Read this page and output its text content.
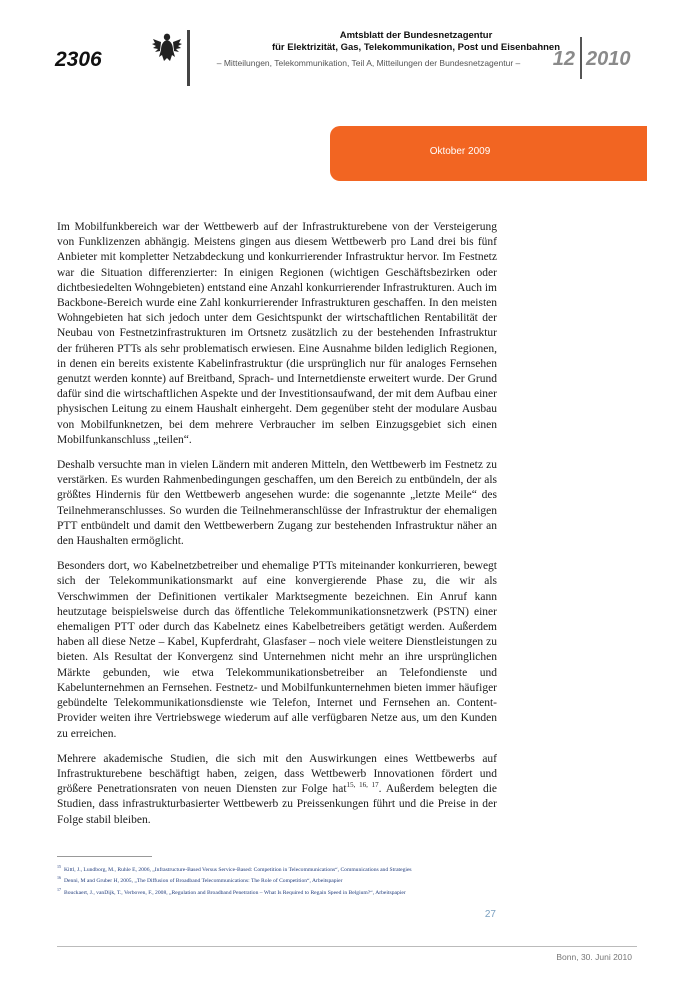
2306
Amtsblatt der Bundesnetzagentur
für Elektrizität, Gas, Telekommunikation, Post und Eisenbahnen
– Mitteilungen, Telekommunikation, Teil A, Mitteilungen der Bundesnetzagentur –	12 2010
Oktober 2009

Im Mobilfunkbereich war der Wettbewerb auf der Infrastrukturebene von der Versteigerung von Funklizenzen abhängig. Meistens gingen aus diesem Wettbewerb pro Land drei bis fünf Anbieter mit kompletter Netzabdeckung und konkurrierender Infrastruktur hervor. Im Festnetz war die Situation differenzierter: In einigen Regionen (wichtigen Geschäftsbezirken oder dichtbesiedelten Wohngebieten) entstand eine Anzahl konkurrierender Infrastrukturen. Auch im Backbone-Bereich wurde eine Zahl konkurrierender Infrastrukturen geschaffen. In den meisten Wohngebieten hat sich jedoch unter dem Gesichtspunkt der wirtschaftlichen Rentabilität der Neubau von Festnetzinfrastrukturen im Ortsnetz zusätzlich zu der bestehenden Infrastruktur der früheren PTTs als sehr problematisch erwiesen. Eine Ausnahme bilden lediglich Regionen, in denen ein bereits existente Kabelinfrastruktur (die ursprünglich nur für analoges Fernsehen genutzt werden konnte) auf Breitband, Sprach- und Internetdienste erweitert wurde. Der Grund dafür sind die wirtschaftlichen Aspekte und der Investitionsaufwand, der mit dem Aufbau einer physischen Leitung zu einem Haushalt einhergeht. Dem gegenüber steht der modulare Ausbau von Mobilfunknetzen, bei dem mehrere Verbraucher im selben Einzugsgebiet sich einen Mobilfunkanschluss „teilen“.

Deshalb versuchte man in vielen Ländern mit anderen Mitteln, den Wettbewerb im Festnetz zu verstärken. Es wurden Rahmenbedingungen geschaffen, um den Bereich zu entbündeln, der als größtes Hindernis für den Wettbewerb angesehen wurde: die sogenannte „letzte Meile“ des Teilnehmeranschlusses. So wurden die Teilnehmeranschlüsse der Infrastruktur der ehemaligen PTT entbündelt und damit den Wettbewerbern Zugang zur bestehenden Infrastruktur näher an den Haushalten ermöglicht.

Besonders dort, wo Kabelnetzbetreiber und ehemalige PTTs miteinander konkurrieren, bewegt sich der Telekommunikationsmarkt auf eine konvergierende Phase zu, die wir als Verschwimmen der Definitionen vertikaler Marktsegmente bezeichnen. Ein Anruf kann heutzutage beispielsweise durch das öffentliche Telekommunikationsnetzwerk (PSTN) einer ehemaligen PTT oder durch das Kabelnetz eines Kabelbetreibers getätigt werden. Außerdem haben all diese Netze – Kabel, Kupferdraht, Glasfaser – noch viele weitere Dienstleistungen zu bieten. Als Resultat der Konvergenz sind Unternehmen nicht mehr an ihre ursprünglichen Märkte gebunden, wie etwa Telekommunikationsbetreiber an Telefondienste und Kabelunternehmen an Fernsehen. Festnetz- und Mobilfunkunternehmen bieten immer häufiger gebündelte Telekommunikationsdienste wie Telefon, Internet und Fernsehen an. Content-Provider weiten ihre Vertriebswege wiederum auf alle verfügbaren Netze aus, um den Kunden zu erreichen.

Mehrere akademische Studien, die sich mit den Auswirkungen eines Wettbewerbs auf Infrastrukturebene beschäftigt haben, zeigen, dass Wettbewerb Innovationen fördert und größere Penetrationsraten von neuen Diensten zur Folge hat$^{15, 16, 17}$. Außerdem belegten die Studien, dass infrastrukturbasierter Wettbewerb zu Preissenkungen führt und die Preise in der Folge stabil bleiben.

$^{15}$Kittl, J., Lundborg, M., Ruhle E, 2006, „Infrastructure-Based Versus Service-Based: Competition in Telecommunications“, Communications and Strategies
$^{16}$Denni, M and Gruber H, 2005, „The Diffusion of Broadband Telecommunications: The Role of Competition“, Arbeitspapier
$^{17}$Bouckaert, J., vanDijk, T., Verboven, F., 2008, „Regulation and Broadband Penetration – What Is Required to Regain Speed in Belgium?“, Arbeitspapier
27
Bonn, 30. Juni 2010
